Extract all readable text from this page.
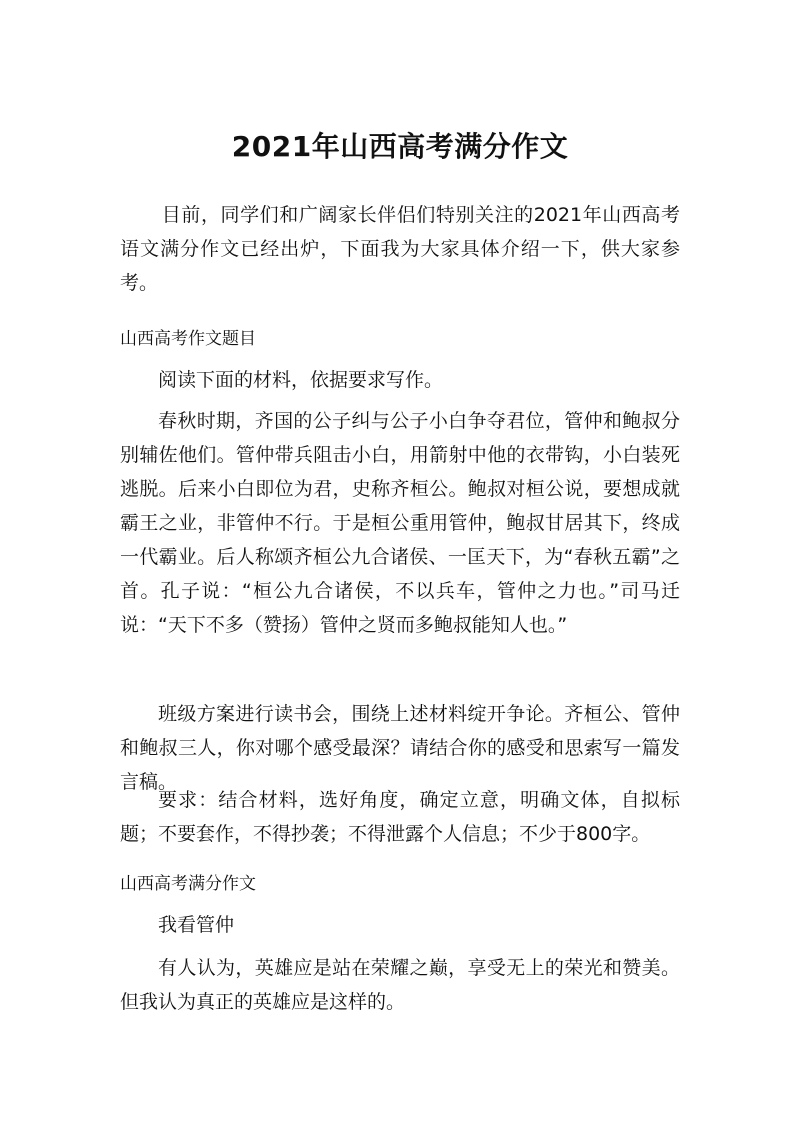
2021年山西高考满分作文

目前，同学们和广阔家长伴侣们特别关注的2021年山西高考语文满分作文已经出炉，下面我为大家具体介绍一下，供大家参考。

山西高考作文题目

阅读下面的材料，依据要求写作。

春秋时期，齐国的公子纠与公子小白争夺君位，管仲和鲍叔分别辅佐他们。管仲带兵阻击小白，用箭射中他的衣带钩，小白装死逃脱。后来小白即位为君，史称齐桓公。鲍叔对桓公说，要想成就霸王之业，非管仲不行。于是桓公重用管仲，鲍叔甘居其下，终成一代霸业。后人称颂齐桓公九合诸侯、一匡天下，为“春秋五霸”之首。孔子说：“桓公九合诸侯，不以兵车，管仲之力也。”司马迁说：“天下不多（赞扬）管仲之贤而多鲍叔能知人也。”

班级方案进行读书会，围绕上述材料绽开争论。齐桓公、管仲和鲍叔三人，你对哪个感受最深？请结合你的感受和思索写一篇发言稿。

要求：结合材料，选好角度，确定立意，明确文体，自拟标题；不要套作，不得抄袭；不得泄露个人信息；不少于800字。

山西高考满分作文

我看管仲

有人认为，英雄应是站在荣耀之巅，享受无上的荣光和赞美。但我认为真正的英雄应是这样的。
